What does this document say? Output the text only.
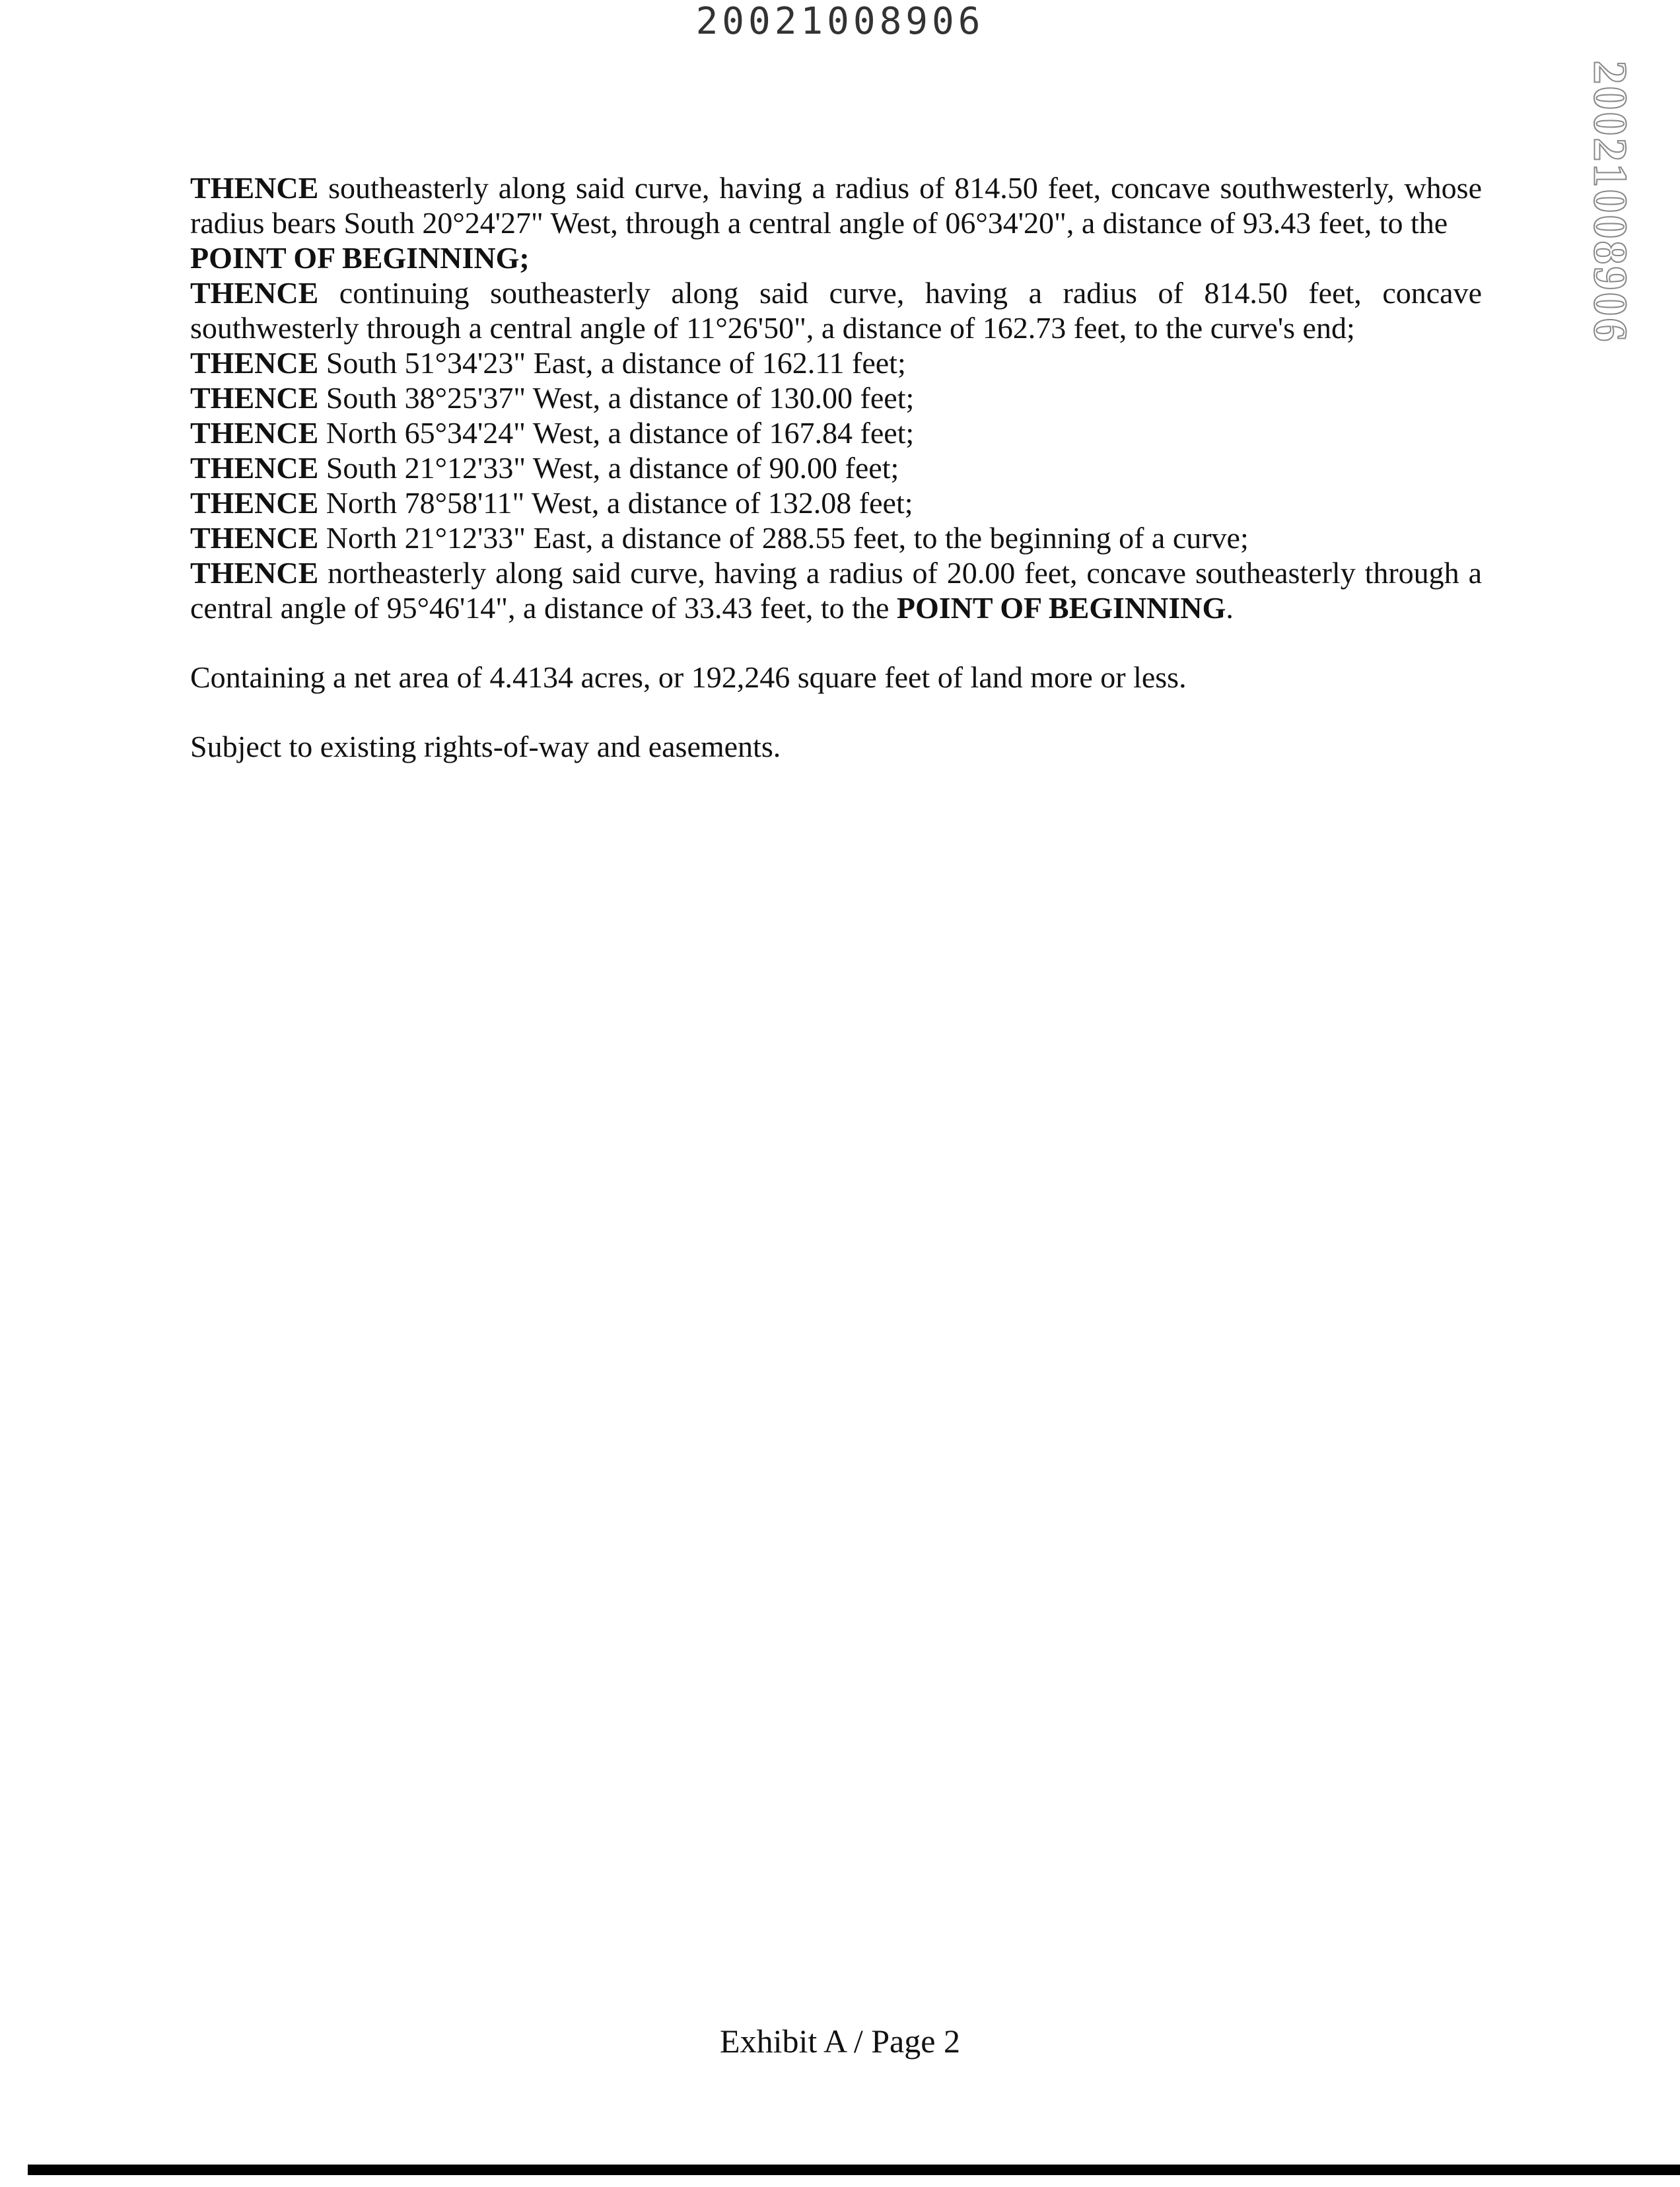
20021008906
20021008906

THENCE southeasterly along said curve, having a radius of 814.50 feet, concave southwesterly, whose radius bears South 20°24'27" West, through a central angle of 06°34'20", a distance of 93.43 feet, to the

POINT OF BEGINNING;

THENCE continuing southeasterly along said curve, having a radius of 814.50 feet, concave southwesterly through a central angle of 11°26'50", a distance of 162.73 feet, to the curve's end;

THENCE South 51°34'23" East, a distance of 162.11 feet;

THENCE South 38°25'37" West, a distance of 130.00 feet;

THENCE North 65°34'24" West, a distance of 167.84 feet;

THENCE South 21°12'33" West, a distance of 90.00 feet;

THENCE North 78°58'11" West, a distance of 132.08 feet;

THENCE North 21°12'33" East, a distance of 288.55 feet, to the beginning of a curve;

THENCE northeasterly along said curve, having a radius of 20.00 feet, concave southeasterly through a central angle of 95°46'14", a distance of 33.43 feet, to the POINT OF BEGINNING.

Containing a net area of 4.4134 acres, or 192,246 square feet of land more or less.

Subject to existing rights-of-way and easements.

Exhibit A / Page 2
